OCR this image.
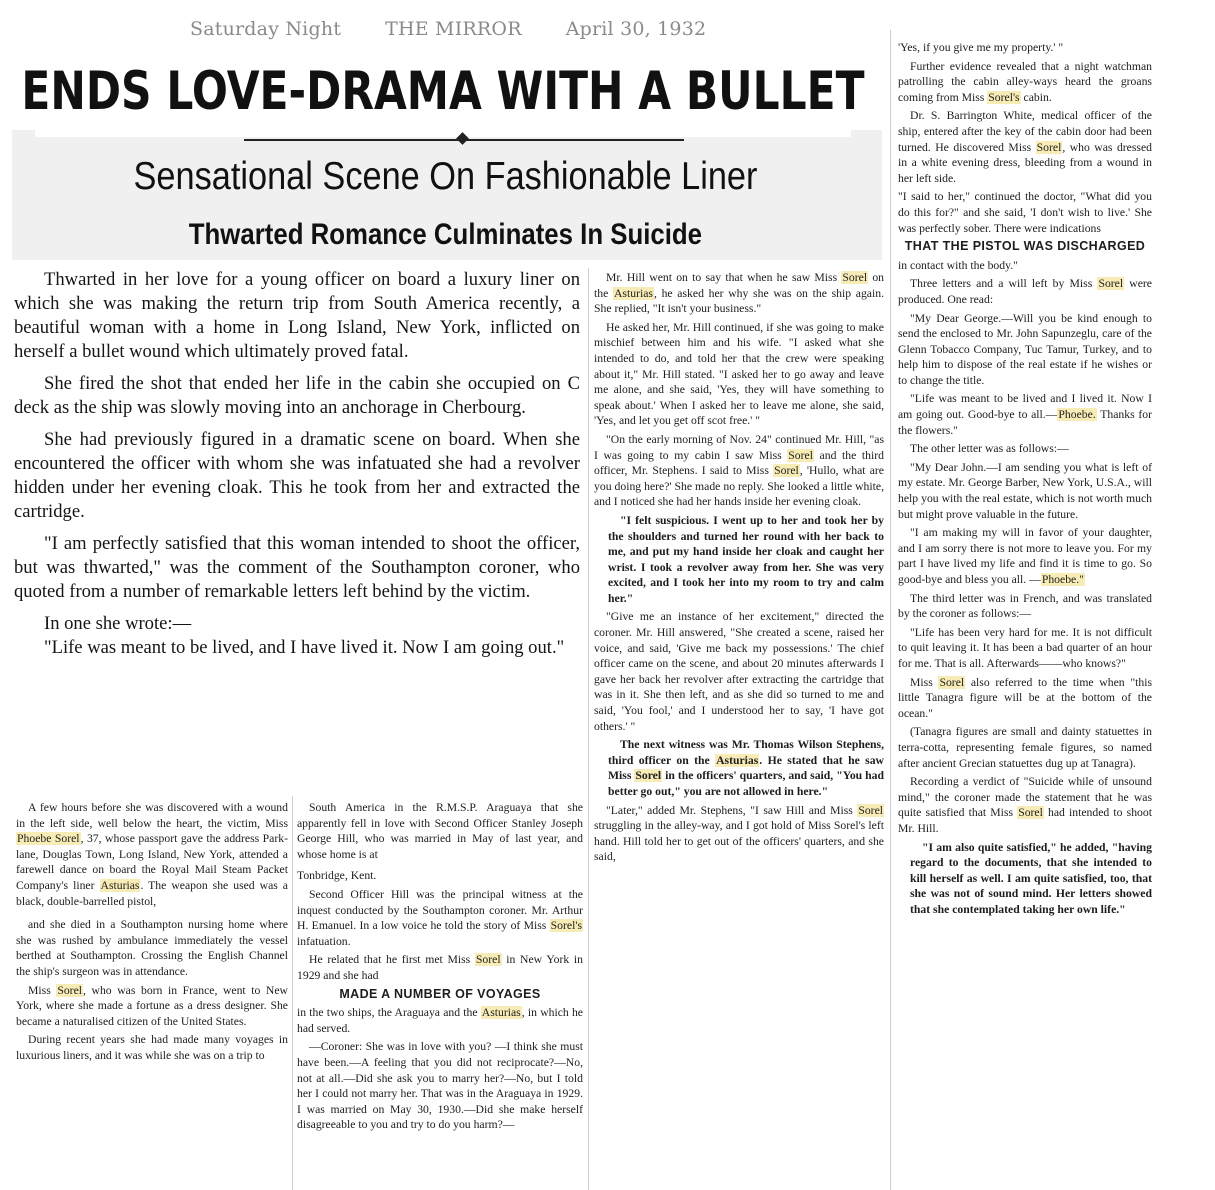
Saturday Night THE MIRROR April 30, 1932
ENDS LOVE-DRAMA WITH A BULLET
Sensational Scene On Fashionable Liner
Thwarted Romance Culminates In Suicide

Thwarted in her love for a young officer on board a luxury liner on which she was making the return trip from South America recently, a beautiful woman with a home in Long Island, New York, inflicted on herself a bullet wound which ultimately proved fatal.

She fired the shot that ended her life in the cabin she occupied on C deck as the ship was slowly moving into an anchorage in Cherbourg.

She had previously figured in a dramatic scene on board. When she encountered the officer with whom she was infatuated she had a revolver hidden under her evening cloak. This he took from her and extracted the cartridge.

"I am perfectly satisfied that this woman intended to shoot the officer, but was thwarted," was the comment of the Southampton coroner, who quoted from a number of remarkable letters left behind by the victim.

In one she wrote:—

"Life was meant to be lived, and I have lived it. Now I am going out."

A few hours before she was discovered with a wound in the left side, well below the heart, the victim, Miss Phoebe Sorel, 37, whose passport gave the address Park-lane, Douglas Town, Long Island, New York, attended a farewell dance on board the Royal Mail Steam Packet Company's liner Asturias. The weapon she used was a black, double-barrelled pistol,

and she died in a Southampton nursing home where she was rushed by ambulance immediately the vessel berthed at Southampton. Crossing the English Channel the ship's surgeon was in attendance.

Miss Sorel, who was born in France, went to New York, where she made a fortune as a dress designer. She became a naturalised citizen of the United States.

During recent years she had made many voyages in luxurious liners, and it was while she was on a trip to

South America in the R.M.S.P. Araguaya that she apparently fell in love with Second Officer Stanley Joseph George Hill, who was married in May of last year, and whose home is at

Tonbridge, Kent.

Second Officer Hill was the principal witness at the inquest conducted by the Southampton coroner. Mr. Arthur H. Emanuel. In a low voice he told the story of Miss Sorel's infatuation.

He related that he first met Miss Sorel in New York in 1929 and she had

MADE A NUMBER OF VOYAGES

in the two ships, the Araguaya and the Asturias, in which he had served.

—Coroner: She was in love with you? —I think she must have been.—A feeling that you did not reciprocate?—No, not at all.—Did she ask you to marry her?—No, but I told her I could not marry her. That was in the Araguaya in 1929. I was married on May 30, 1930.—Did she make herself disagreeable to you and try to do you harm?—

Mr. Hill went on to say that when he saw Miss Sorel on the Asturias, he asked her why she was on the ship again. She replied, "It isn't your business."

He asked her, Mr. Hill continued, if she was going to make mischief between him and his wife. "I asked what she intended to do, and told her that the crew were speaking about it," Mr. Hill stated. "I asked her to go away and leave me alone, and she said, 'Yes, they will have something to speak about.' When I asked her to leave me alone, she said, 'Yes, and let you get off scot free.' "

"On the early morning of Nov. 24" continued Mr. Hill, "as I was going to my cabin I saw Miss Sorel and the third officer, Mr. Stephens. I said to Miss Sorel, 'Hullo, what are you doing here?' She made no reply. She looked a little white, and I noticed she had her hands inside her evening cloak.

"I felt suspicious. I went up to her and took her by the shoulders and turned her round with her back to me, and put my hand inside her cloak and caught her wrist. I took a revolver away from her. She was very excited, and I took her into my room to try and calm her."

"Give me an instance of her excitement," directed the coroner. Mr. Hill answered, "She created a scene, raised her voice, and said, 'Give me back my possessions.' The chief officer came on the scene, and about 20 minutes afterwards I gave her back her revolver after extracting the cartridge that was in it. She then left, and as she did so turned to me and said, 'You fool,' and I understood her to say, 'I have got others.' "

The next witness was Mr. Thomas Wilson Stephens, third officer on the Asturias. He stated that he saw Miss Sorel in the officers' quarters, and said, "You had better go out," you are not allowed in here."

"Later," added Mr. Stephens, "I saw Hill and Miss Sorel struggling in the alley-way, and I got hold of Miss Sorel's left hand. Hill told her to get out of the officers' quarters, and she said,

'Yes, if you give me my property.' "

Further evidence revealed that a night watchman patrolling the cabin alley-ways heard the groans coming from Miss Sorel's cabin.

Dr. S. Barrington White, medical officer of the ship, entered after the key of the cabin door had been turned. He discovered Miss Sorel, who was dressed in a white evening dress, bleeding from a wound in her left side.

"I said to her," continued the doctor, "What did you do this for?" and she said, 'I don't wish to live.' She was perfectly sober. There were indications

THAT THE PISTOL WAS DISCHARGED

in contact with the body."

Three letters and a will left by Miss Sorel were produced. One read:

"My Dear George.—Will you be kind enough to send the enclosed to Mr. John Sapunzeglu, care of the Glenn Tobacco Company, Tuc Tamur, Turkey, and to help him to dispose of the real estate if he wishes or to change the title.

"Life was meant to be lived and I lived it. Now I am going out. Good-bye to all.—Phoebe. Thanks for the flowers."

The other letter was as follows:—

"My Dear John.—I am sending you what is left of my estate. Mr. George Barber, New York, U.S.A., will help you with the real estate, which is not worth much but might prove valuable in the future.

"I am making my will in favor of your daughter, and I am sorry there is not more to leave you. For my part I have lived my life and find it is time to go. So good-bye and bless you all. —Phoebe."

The third letter was in French, and was translated by the coroner as follows:—

"Life has been very hard for me. It is not difficult to quit leaving it. It has been a bad quarter of an hour for me. That is all. Afterwards——who knows?"

Miss Sorel also referred to the time when "this little Tanagra figure will be at the bottom of the ocean."

(Tanagra figures are small and dainty statuettes in terra-cotta, representing female figures, so named after ancient Grecian statuettes dug up at Tanagra).

Recording a verdict of "Suicide while of unsound mind," the coroner made the statement that he was quite satisfied that Miss Sorel had intended to shoot Mr. Hill.

"I am also quite satisfied," he added, "having regard to the documents, that she intended to kill herself as well. I am quite satisfied, too, that she was not of sound mind. Her letters showed that she contemplated taking her own life."
